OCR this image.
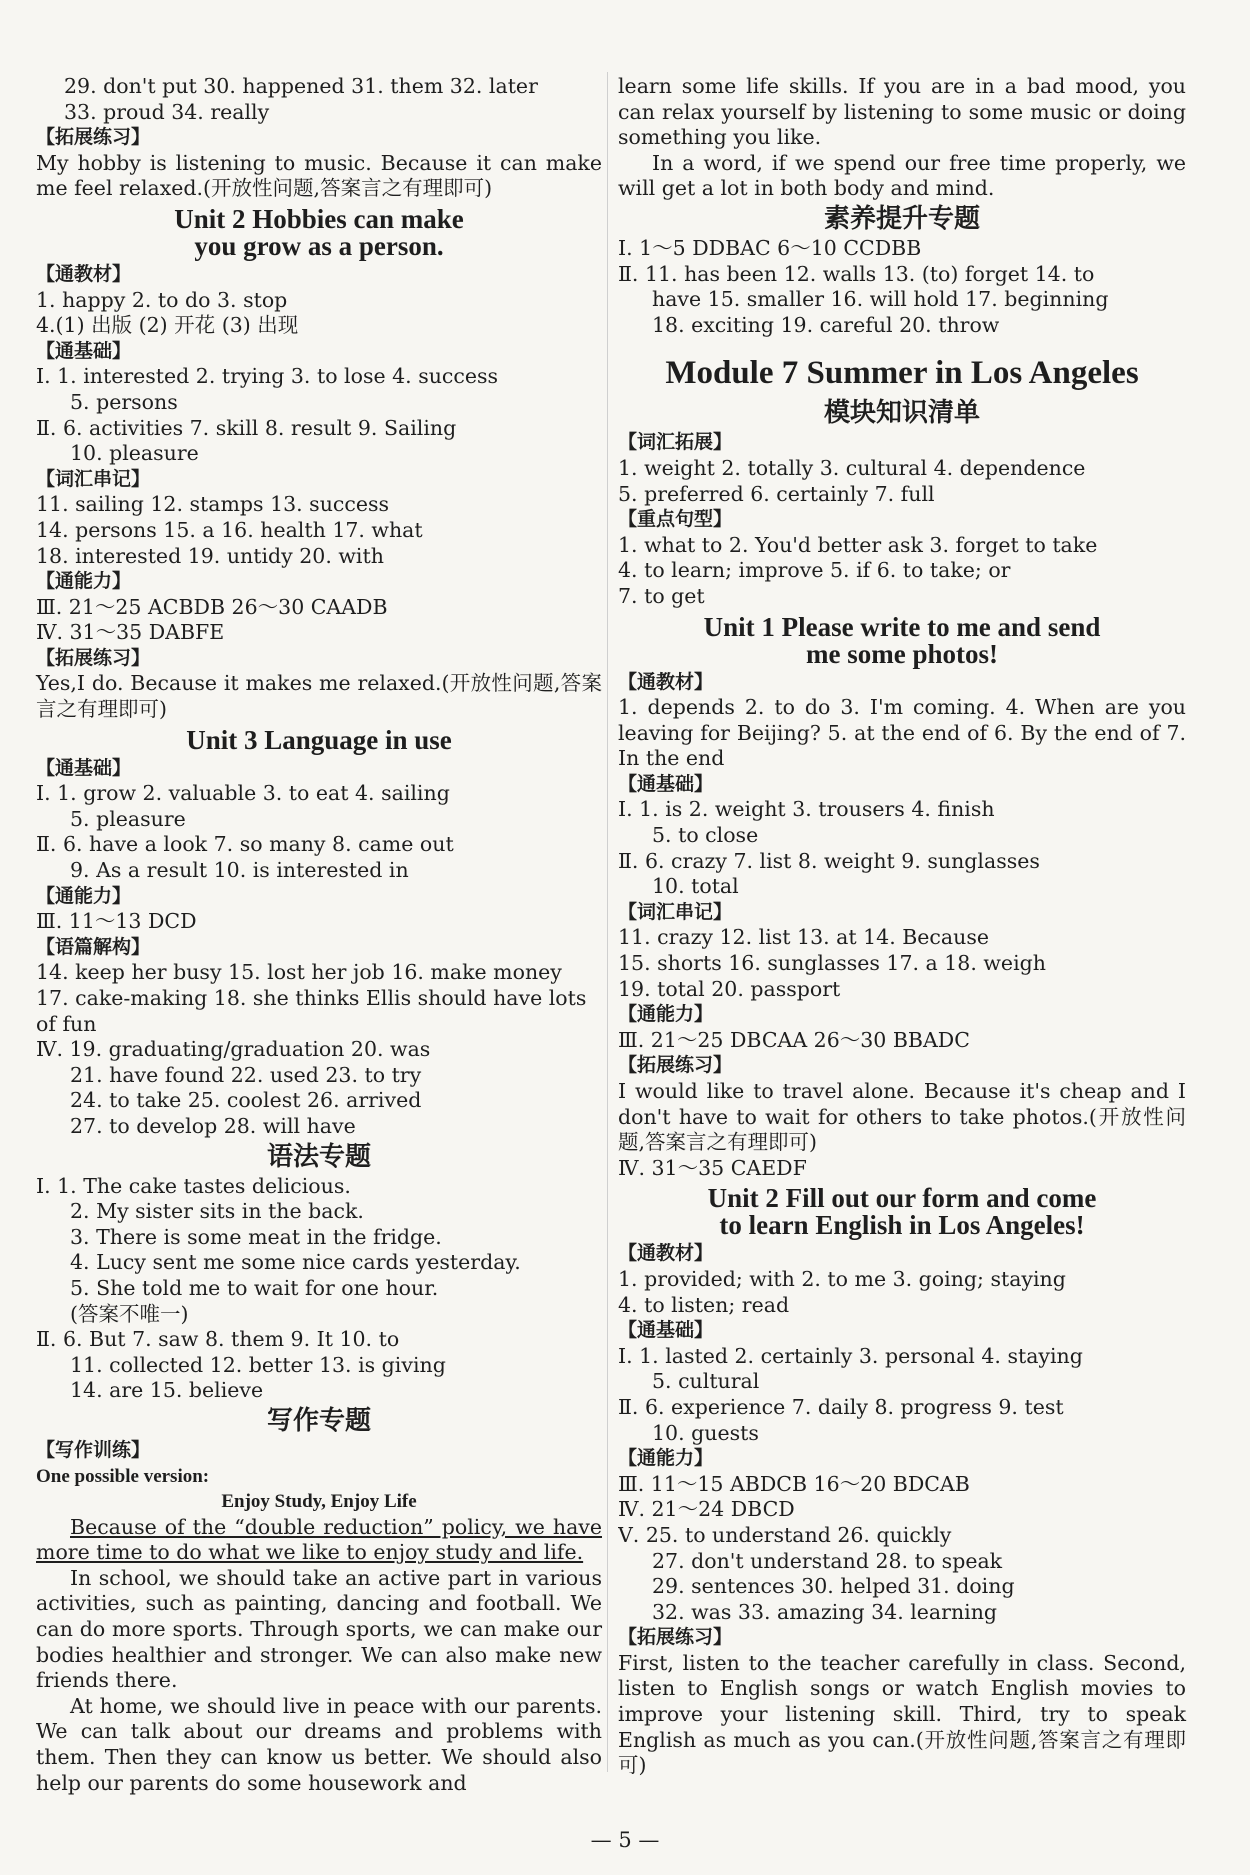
29. don't put 30. happened 31. them 32. later
33. proud 34. really
【拓展练习】
My hobby is listening to music. Because it can make me feel relaxed.(开放性问题,答案言之有理即可)
Unit 2 Hobbies can make
you grow as a person.
【通教材】
1. happy 2. to do 3. stop
4.(1) 出版 (2) 开花 (3) 出现
【通基础】
Ⅰ. 1. interested 2. trying 3. to lose 4. success
5. persons
Ⅱ. 6. activities 7. skill 8. result 9. Sailing
10. pleasure
【词汇串记】
11. sailing 12. stamps 13. success
14. persons 15. a 16. health 17. what
18. interested 19. untidy 20. with
【通能力】
Ⅲ. 21～25 ACBDB 26～30 CAADB
Ⅳ. 31～35 DABFE
【拓展练习】
Yes,I do. Because it makes me relaxed.(开放性问题,答案言之有理即可)
Unit 3 Language in use
【通基础】
Ⅰ. 1. grow 2. valuable 3. to eat 4. sailing
5. pleasure
Ⅱ. 6. have a look 7. so many 8. came out
9. As a result 10. is interested in
【通能力】
Ⅲ. 11～13 DCD
【语篇解构】
14. keep her busy 15. lost her job 16. make money
17. cake-making 18. she thinks Ellis should have lots
of fun
Ⅳ. 19. graduating/graduation 20. was
21. have found 22. used 23. to try
24. to take 25. coolest 26. arrived
27. to develop 28. will have
语法专题
Ⅰ. 1. The cake tastes delicious.
2. My sister sits in the back.
3. There is some meat in the fridge.
4. Lucy sent me some nice cards yesterday.
5. She told me to wait for one hour.
(答案不唯一)
Ⅱ. 6. But 7. saw 8. them 9. It 10. to
11. collected 12. better 13. is giving
14. are 15. believe
写作专题
【写作训练】
One possible version:
Enjoy Study, Enjoy Life
Because of the “double reduction” policy, we have more time to do what we like to enjoy study and life.
In school, we should take an active part in various activities, such as painting, dancing and football. We can do more sports. Through sports, we can make our bodies healthier and stronger. We can also make new friends there.
At home, we should live in peace with our parents. We can talk about our dreams and problems with them. Then they can know us better. We should also help our parents do some housework and
learn some life skills. If you are in a bad mood, you can relax yourself by listening to some music or doing something you like.
In a word, if we spend our free time properly, we will get a lot in both body and mind.
素养提升专题
Ⅰ. 1～5 DDBAC 6～10 CCDBB
Ⅱ. 11. has been 12. walls 13. (to) forget 14. to
have 15. smaller 16. will hold 17. beginning
18. exciting 19. careful 20. throw
Module 7 Summer in Los Angeles
模块知识清单
【词汇拓展】
1. weight 2. totally 3. cultural 4. dependence
5. preferred 6. certainly 7. full
【重点句型】
1. what to 2. You'd better ask 3. forget to take
4. to learn; improve 5. if 6. to take; or
7. to get
Unit 1 Please write to me and send
me some photos!
【通教材】
1. depends 2. to do 3. I'm coming. 4. When are you leaving for Beijing? 5. at the end of 6. By the end of 7. In the end
【通基础】
Ⅰ. 1. is 2. weight 3. trousers 4. finish
5. to close
Ⅱ. 6. crazy 7. list 8. weight 9. sunglasses
10. total
【词汇串记】
11. crazy 12. list 13. at 14. Because
15. shorts 16. sunglasses 17. a 18. weigh
19. total 20. passport
【通能力】
Ⅲ. 21～25 DBCAA 26～30 BBADC
【拓展练习】
I would like to travel alone. Because it's cheap and I don't have to wait for others to take photos.(开放性问题,答案言之有理即可)
Ⅳ. 31～35 CAEDF
Unit 2 Fill out our form and come
to learn English in Los Angeles!
【通教材】
1. provided; with 2. to me 3. going; staying
4. to listen; read
【通基础】
Ⅰ. 1. lasted 2. certainly 3. personal 4. staying
5. cultural
Ⅱ. 6. experience 7. daily 8. progress 9. test
10. guests
【通能力】
Ⅲ. 11～15 ABDCB 16～20 BDCAB
Ⅳ. 21～24 DBCD
Ⅴ. 25. to understand 26. quickly
27. don't understand 28. to speak
29. sentences 30. helped 31. doing
32. was 33. amazing 34. learning
【拓展练习】
First, listen to the teacher carefully in class. Second, listen to English songs or watch English movies to improve your listening skill. Third, try to speak English as much as you can.(开放性问题,答案言之有理即可)
— 5 —
